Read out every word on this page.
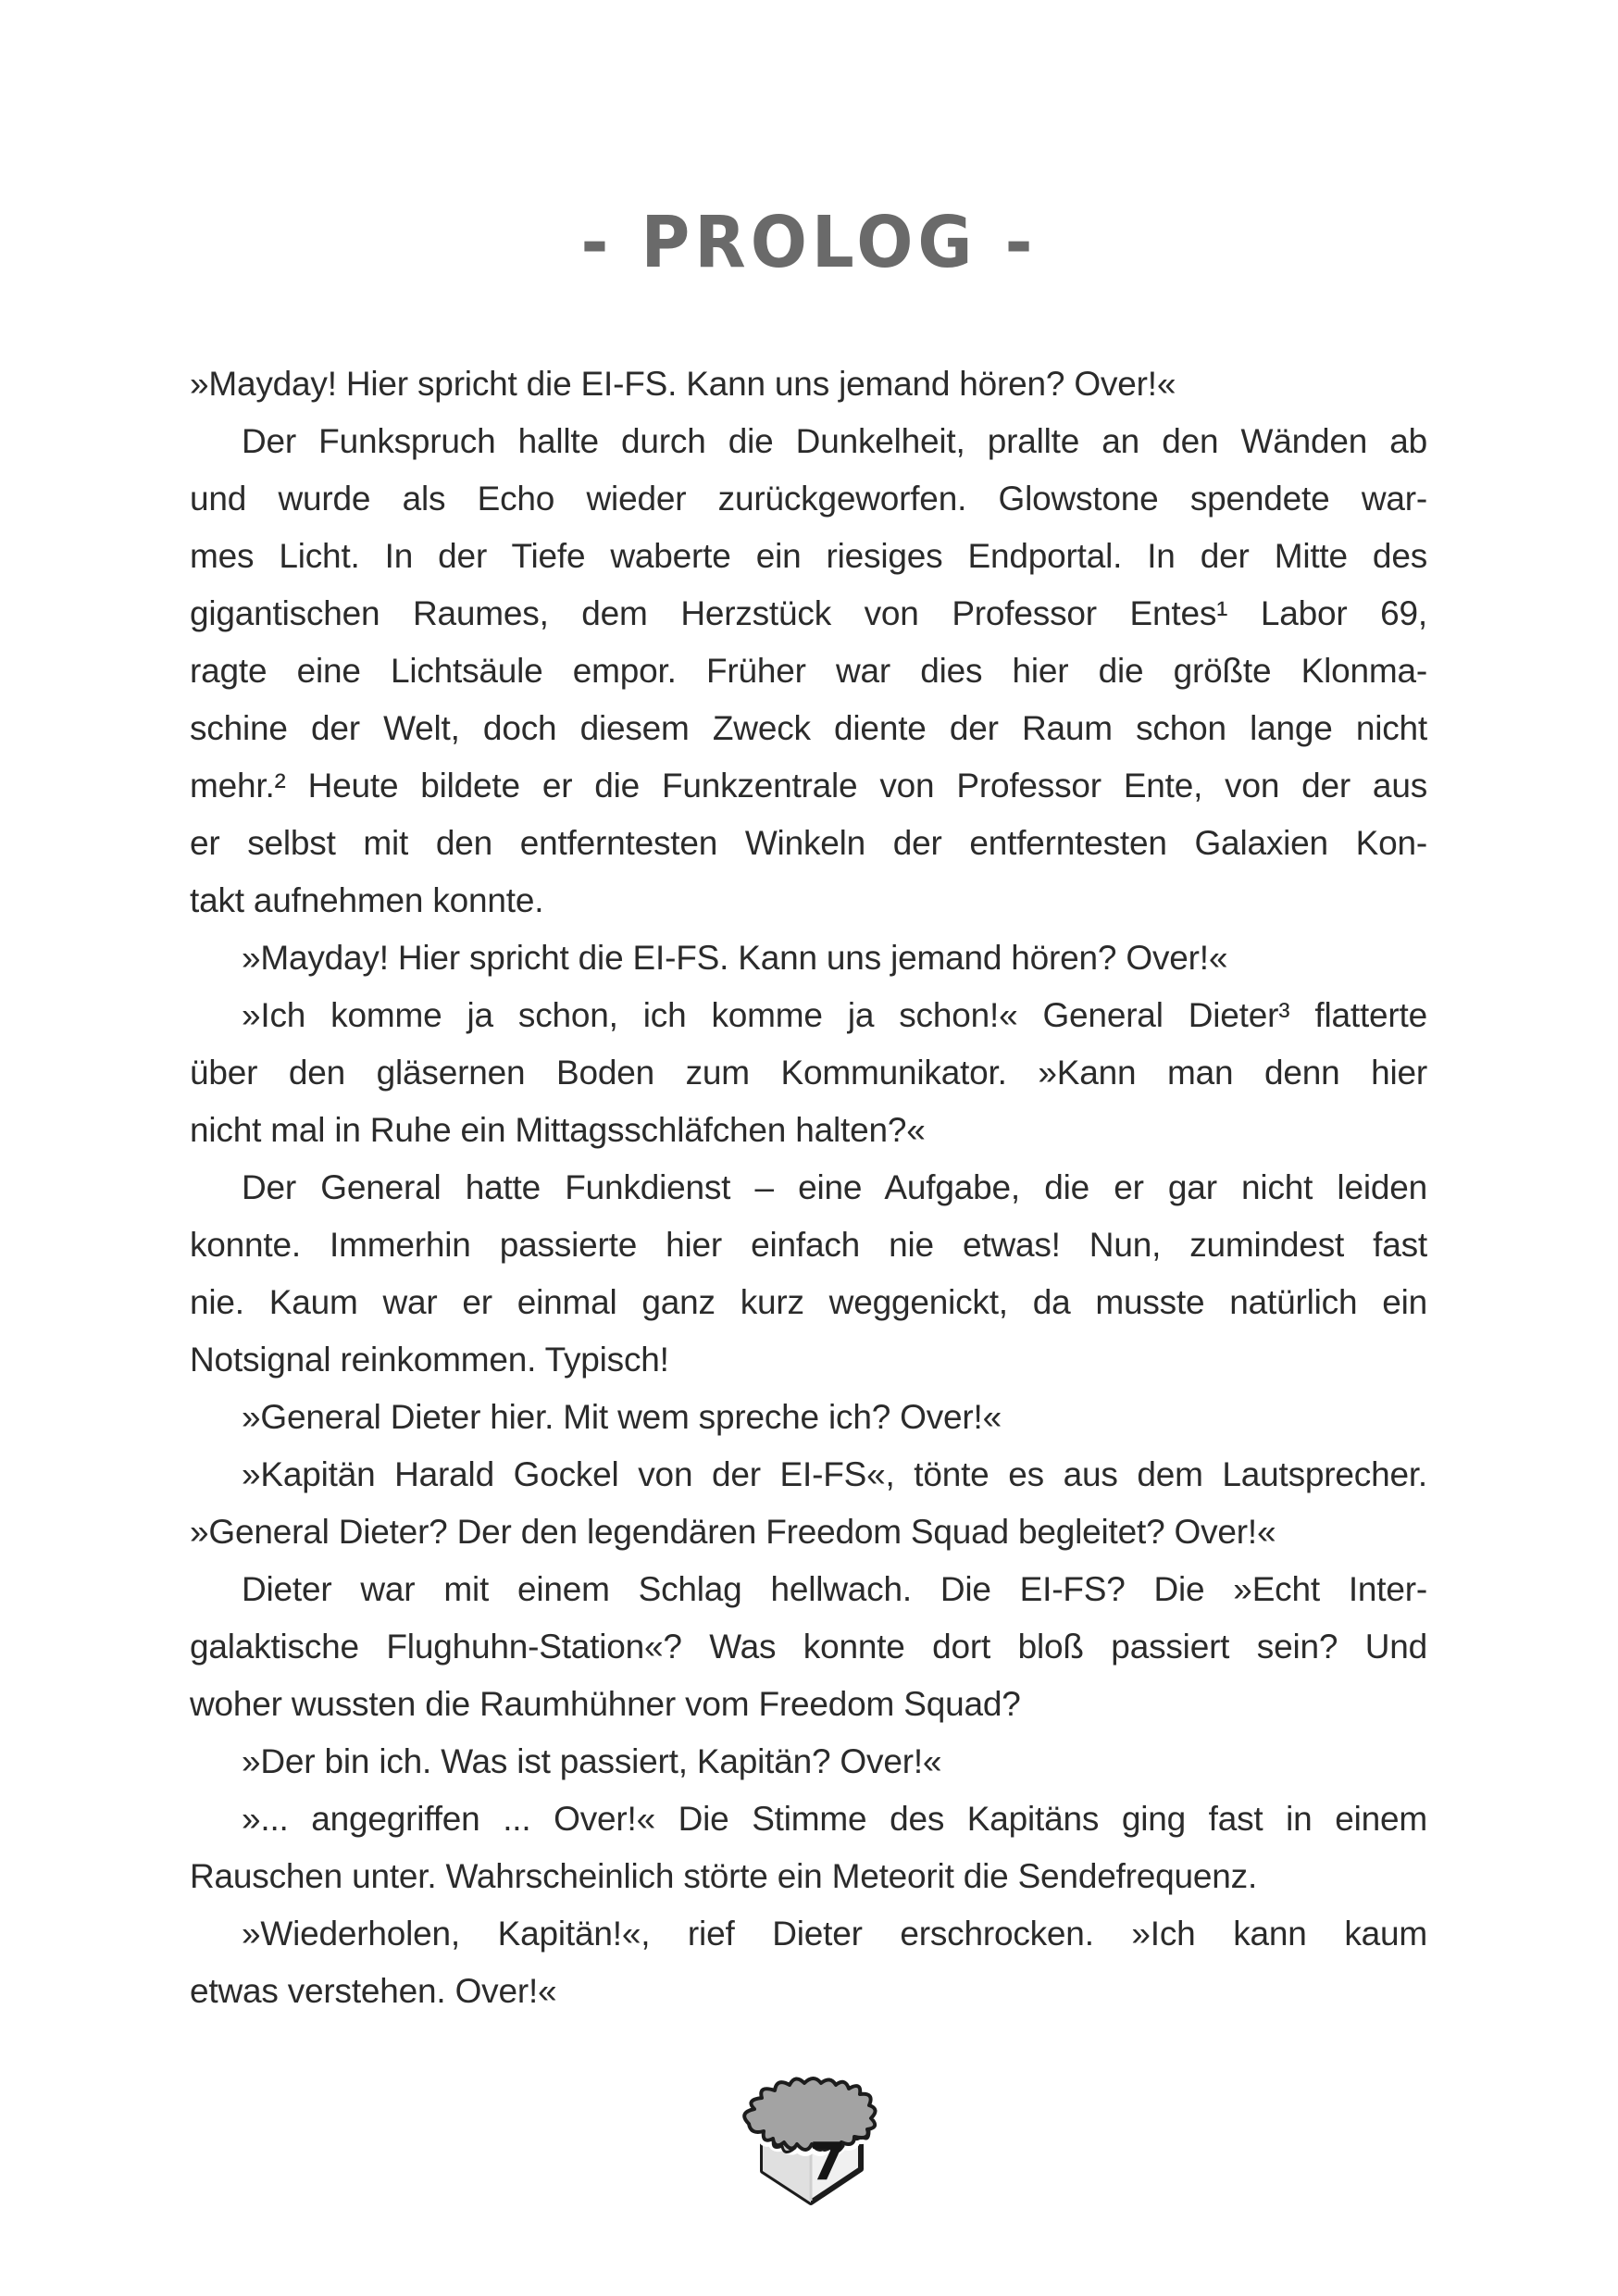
- PROLOG -
»Mayday! Hier spricht die EI-FS. Kann uns jemand hören? Over!«
Der Funkspruch hallte durch die Dunkelheit, prallte an den Wänden ab
und wurde als Echo wieder zurückgeworfen. Glowstone spendete war-
mes Licht. In der Tiefe waberte ein riesiges Endportal. In der Mitte des
gigantischen Raumes, dem Herzstück von Professor Entes¹ Labor 69,
ragte eine Lichtsäule empor. Früher war dies hier die größte Klonma-
schine der Welt, doch diesem Zweck diente der Raum schon lange nicht
mehr.² Heute bildete er die Funkzentrale von Professor Ente, von der aus
er selbst mit den entferntesten Winkeln der entferntesten Galaxien Kon-
takt aufnehmen konnte.
»Mayday! Hier spricht die EI-FS. Kann uns jemand hören? Over!«
»Ich komme ja schon, ich komme ja schon!« General Dieter³ flatterte
über den gläsernen Boden zum Kommunikator. »Kann man denn hier
nicht mal in Ruhe ein Mittagsschläfchen halten?«
Der General hatte Funkdienst – eine Aufgabe, die er gar nicht leiden
konnte. Immerhin passierte hier einfach nie etwas! Nun, zumindest fast
nie. Kaum war er einmal ganz kurz weggenickt, da musste natürlich ein
Notsignal reinkommen. Typisch!
»General Dieter hier. Mit wem spreche ich? Over!«
»Kapitän Harald Gockel von der EI-FS«, tönte es aus dem Lautsprecher.
»General Dieter? Der den legendären Freedom Squad begleitet? Over!«
Dieter war mit einem Schlag hellwach. Die EI-FS? Die »Echt Inter-
galaktische Flughuhn-Station«? Was konnte dort bloß passiert sein? Und
woher wussten die Raumhühner vom Freedom Squad?
»Der bin ich. Was ist passiert, Kapitän? Over!«
»... angegriffen ... Over!« Die Stimme des Kapitäns ging fast in einem
Rauschen unter. Wahrscheinlich störte ein Meteorit die Sendefrequenz.
»Wiederholen, Kapitän!«, rief Dieter erschrocken. »Ich kann kaum
etwas verstehen. Over!«
7
